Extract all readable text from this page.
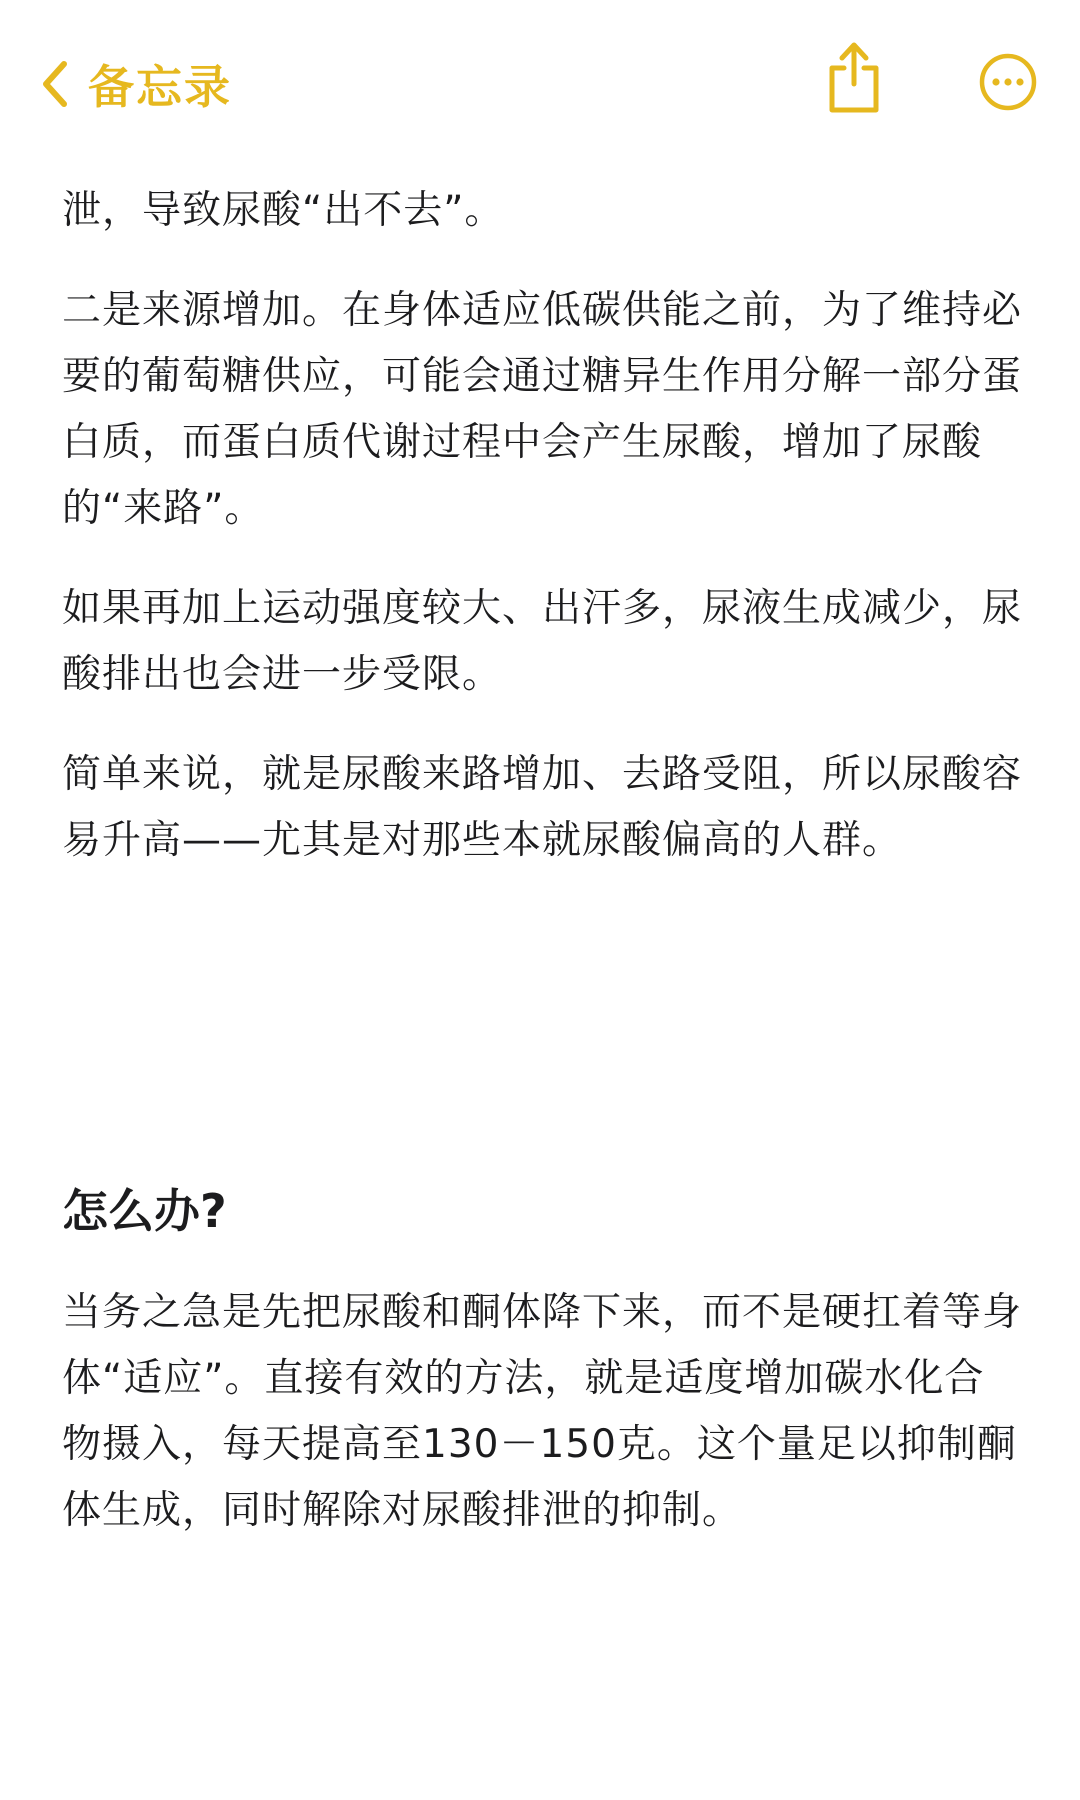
备忘录

泄，导致尿酸“出不去”。

二是来源增加。在身体适应低碳供能之前，为了维持必要的葡萄糖供应，可能会通过糖异生作用分解一部分蛋白质，而蛋白质代谢过程中会产生尿酸，增加了尿酸的“来路”。

如果再加上运动强度较大、出汗多，尿液生成减少，尿酸排出也会进一步受限。

简单来说，就是尿酸来路增加、去路受阻，所以尿酸容易升高——尤其是对那些本就尿酸偏高的人群。

怎么办?

当务之急是先把尿酸和酮体降下来，而不是硬扛着等身体“适应”。直接有效的方法，就是适度增加碳水化合物摄入，每天提高至130－150克。这个量足以抑制酮体生成，同时解除对尿酸排泄的抑制。
